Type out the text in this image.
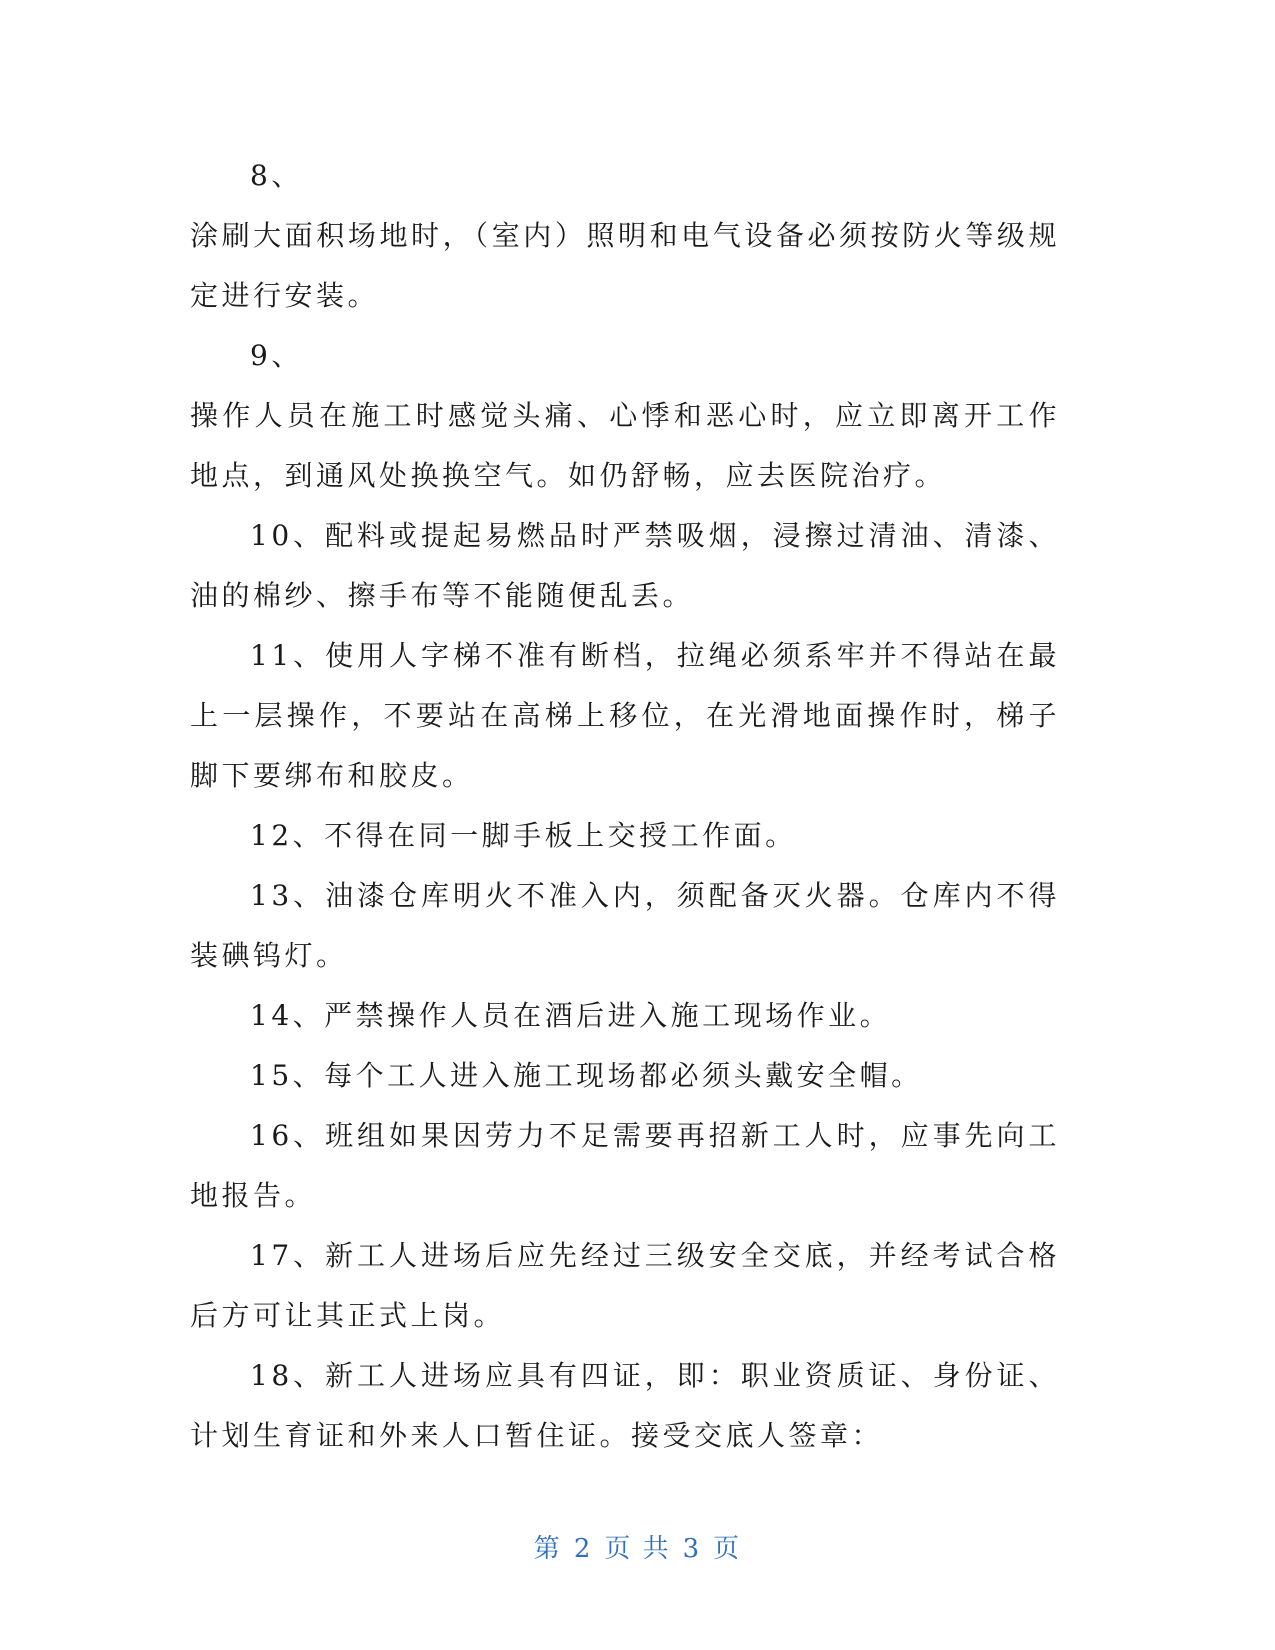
8、

涂刷大面积场地时，（室内）照明和电气设备必须按防火等级规定进行安装。

9、

操作人员在施工时感觉头痛、心悸和恶心时，应立即离开工作地点，到通风处换换空气。如仍舒畅，应去医院治疗。

10、配料或提起易燃品时严禁吸烟，浸擦过清油、清漆、油的棉纱、擦手布等不能随便乱丢。

11、使用人字梯不准有断档，拉绳必须系牢并不得站在最上一层操作，不要站在高梯上移位，在光滑地面操作时，梯子脚下要绑布和胶皮。

12、不得在同一脚手板上交授工作面。

13、油漆仓库明火不准入内，须配备灭火器。仓库内不得装碘钨灯。

14、严禁操作人员在酒后进入施工现场作业。

15、每个工人进入施工现场都必须头戴安全帽。

16、班组如果因劳力不足需要再招新工人时，应事先向工地报告。

17、新工人进场后应先经过三级安全交底，并经考试合格后方可让其正式上岗。

18、新工人进场应具有四证，即：职业资质证、身份证、计划生育证和外来人口暂住证。接受交底人签章：

第 2 页 共 3 页
